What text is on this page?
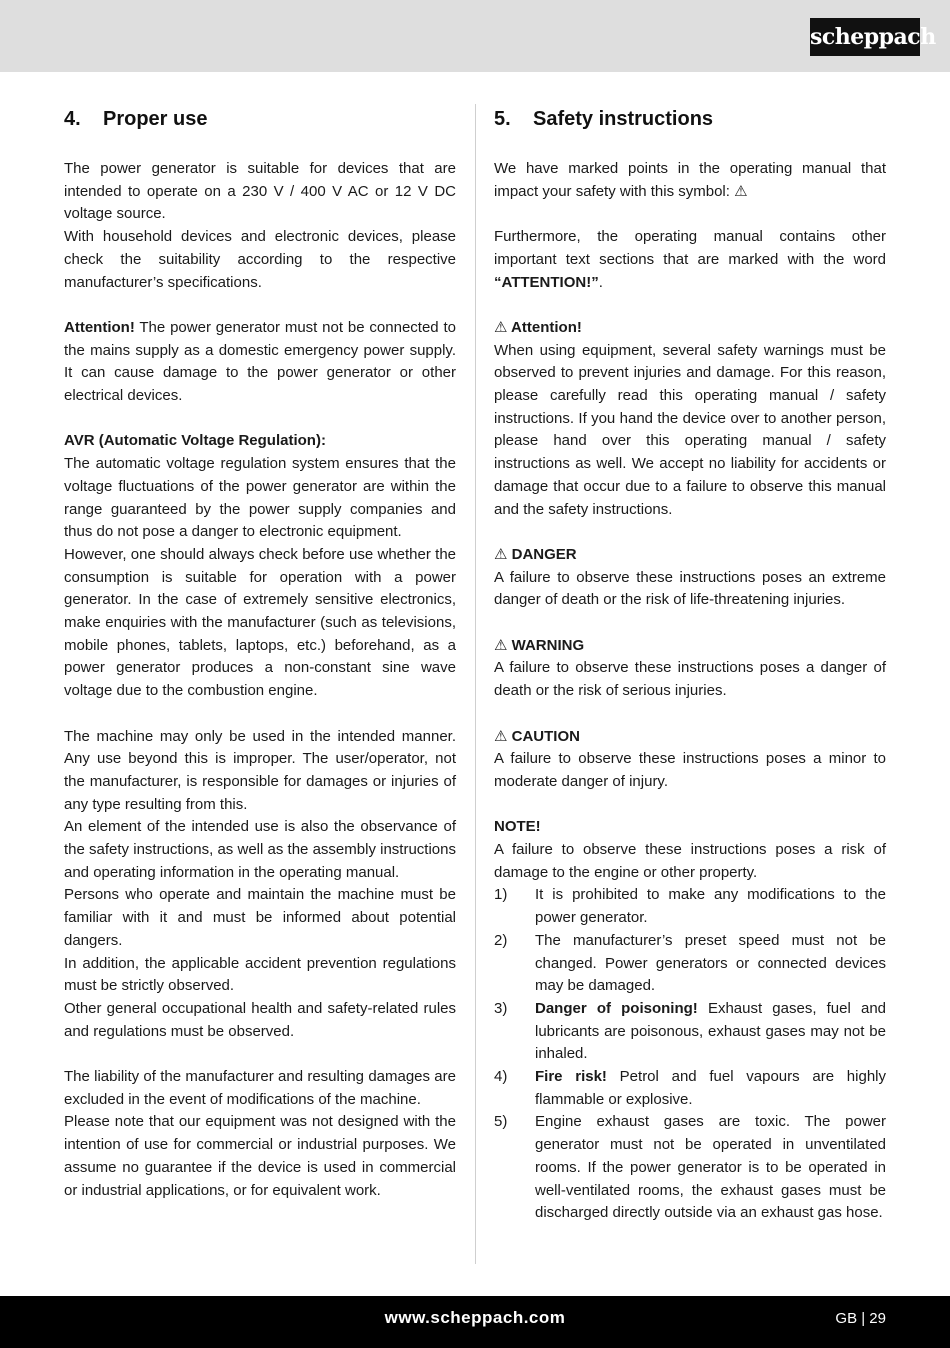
scheppach
4.	Proper use

The power generator is suitable for devices that are intended to operate on a 230 V / 400 V AC or 12 V DC voltage source.

With household devices and electronic devices, please check the suitability according to the respective manufacturer’s specifications.

Attention! The power generator must not be connected to the mains supply as a domestic emergency power supply. It can cause damage to the power generator or other electrical devices.

AVR (Automatic Voltage Regulation):

The automatic voltage regulation system ensures that the voltage fluctuations of the power generator are within the range guaranteed by the power supply companies and thus do not pose a danger to electronic equipment.

However, one should always check before use whether the consumption is suitable for operation with a power generator. In the case of extremely sensitive electronics, make enquiries with the manufacturer (such as televisions, mobile phones, tablets, laptops, etc.) beforehand, as a power generator produces a non-constant sine wave voltage due to the combustion engine.

The machine may only be used in the intended manner. Any use beyond this is improper. The user/operator, not the manufacturer, is responsible for damages or injuries of any type resulting from this.

An element of the intended use is also the observance of the safety instructions, as well as the assembly instructions and operating information in the operating manual.

Persons who operate and maintain the machine must be familiar with it and must be informed about potential dangers.

In addition, the applicable accident prevention regulations must be strictly observed.

Other general occupational health and safety-related rules and regulations must be observed.

The liability of the manufacturer and resulting damages are excluded in the event of modifications of the machine.

Please note that our equipment was not designed with the intention of use for commercial or industrial purposes. We assume no guarantee if the device is used in commercial or industrial applications, or for equivalent work.

5.	Safety instructions

We have marked points in the operating manual that impact your safety with this symbol: ⚠

Furthermore, the operating manual contains other important text sections that are marked with the word “ATTENTION!”.

⚠ Attention!

When using equipment, several safety warnings must be observed to prevent injuries and damage. For this reason, please carefully read this operating manual / safety instructions. If you hand the device over to another person, please hand over this operating manual / safety instructions as well. We accept no liability for accidents or damage that occur due to a failure to observe this manual and the safety instructions.

⚠ DANGER

A failure to observe these instructions poses an extreme danger of death or the risk of life-threatening injuries.

⚠ WARNING

A failure to observe these instructions poses a danger of death or the risk of serious injuries.

⚠ CAUTION

A failure to observe these instructions poses a minor to moderate danger of injury.

NOTE!

A failure to observe these instructions poses a risk of damage to the engine or other property.

1)	It is prohibited to make any modifications to the power generator.
2)	The manufacturer’s preset speed must not be changed. Power generators or connected devices may be damaged.
3)	Danger of poisoning! Exhaust gases, fuel and lubricants are poisonous, exhaust gases may not be inhaled.
4)	Fire risk! Petrol and fuel vapours are highly flammable or explosive.
5)	Engine exhaust gases are toxic. The power generator must not be operated in unventilated rooms. If the power generator is to be operated in well-ventilated rooms, the exhaust gases must be discharged directly outside via an exhaust gas hose.
www.scheppach.com	GB | 29
